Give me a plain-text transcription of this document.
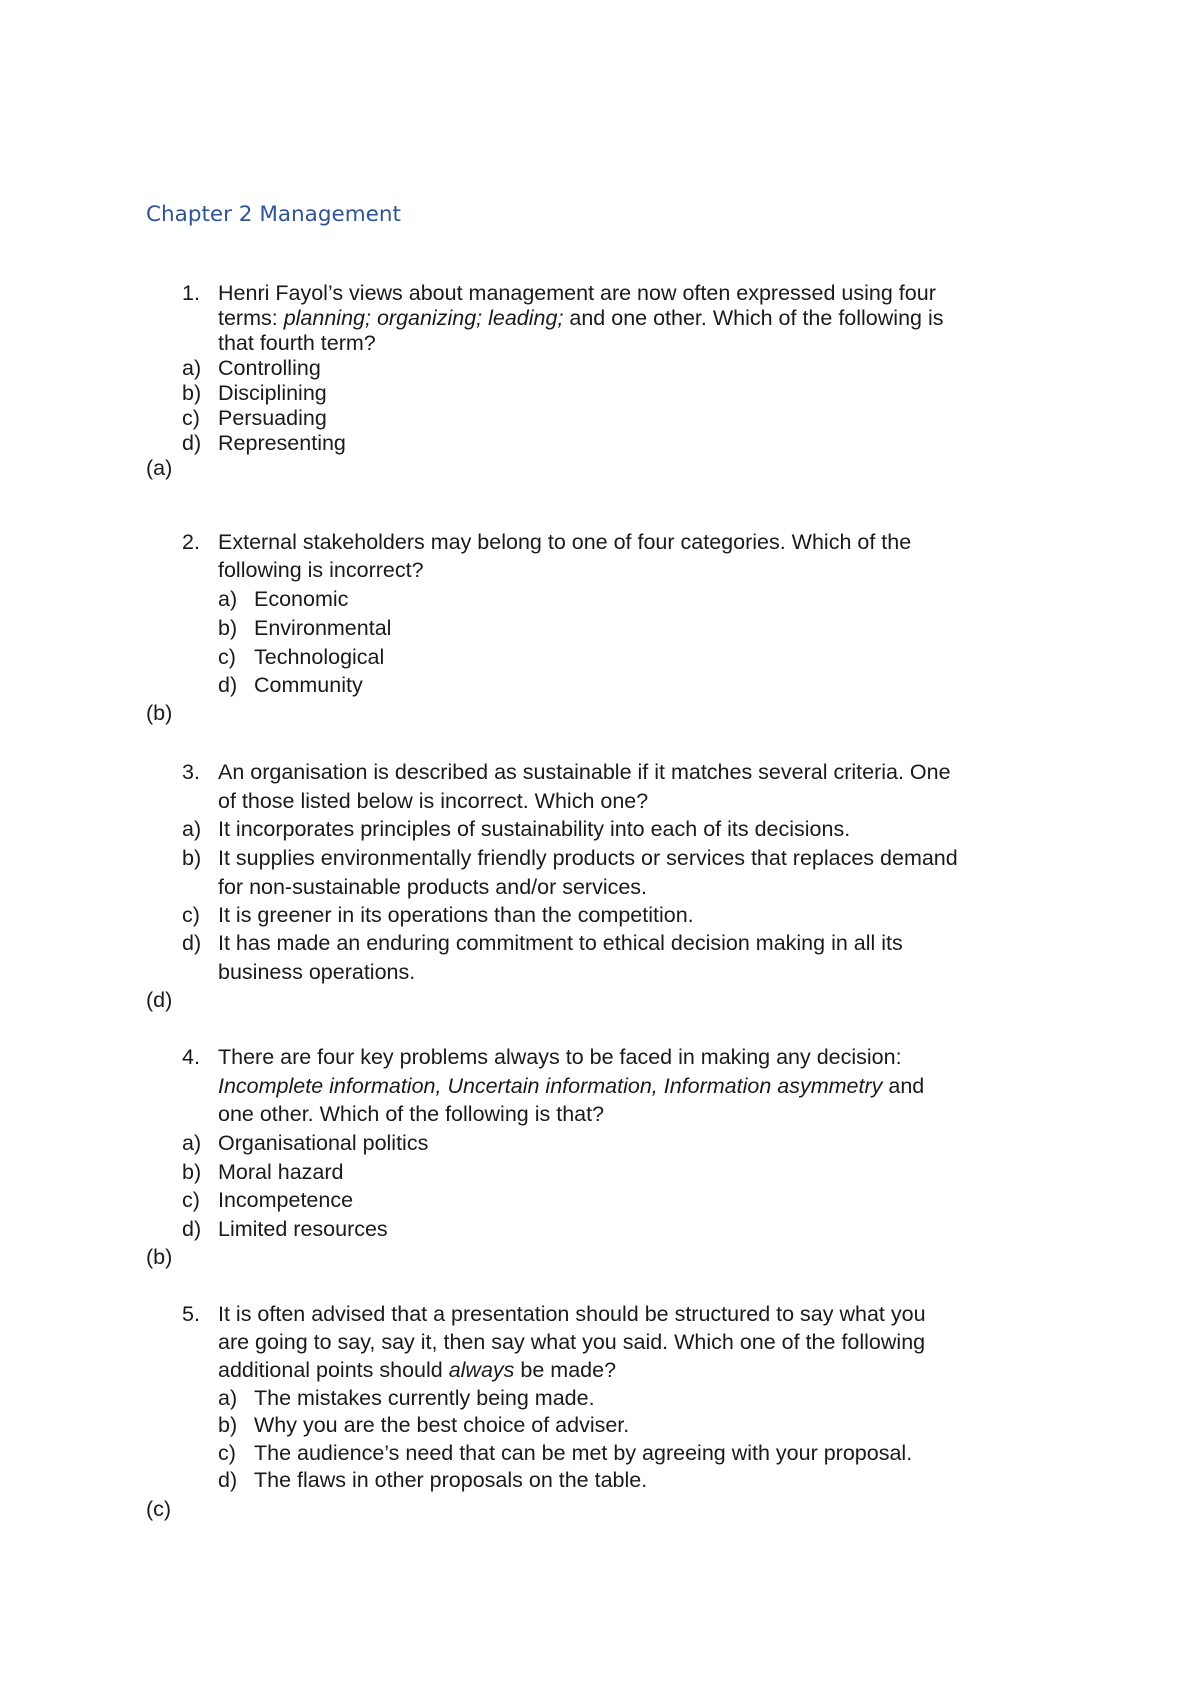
Chapter 2 Management
1. Henri Fayol’s views about management are now often expressed using four
terms: planning; organizing; leading; and one other. Which of the following is
that fourth term?
a) Controlling
b) Disciplining
c) Persuading
d) Representing
(a)
2. External stakeholders may belong to one of four categories. Which of the
following is incorrect?
a) Economic
b) Environmental
c) Technological
d) Community
(b)
3. An organisation is described as sustainable if it matches several criteria. One
of those listed below is incorrect. Which one?
a) It incorporates principles of sustainability into each of its decisions.
b) It supplies environmentally friendly products or services that replaces demand
for non-sustainable products and/or services.
c) It is greener in its operations than the competition.
d) It has made an enduring commitment to ethical decision making in all its
business operations.
(d)
4. There are four key problems always to be faced in making any decision:
Incomplete information, Uncertain information, Information asymmetry and
one other. Which of the following is that?
a) Organisational politics
b) Moral hazard
c) Incompetence
d) Limited resources
(b)
5. It is often advised that a presentation should be structured to say what you
are going to say, say it, then say what you said. Which one of the following
additional points should always be made?
a) The mistakes currently being made.
b) Why you are the best choice of adviser.
c) The audience’s need that can be met by agreeing with your proposal.
d) The flaws in other proposals on the table.
(c)
